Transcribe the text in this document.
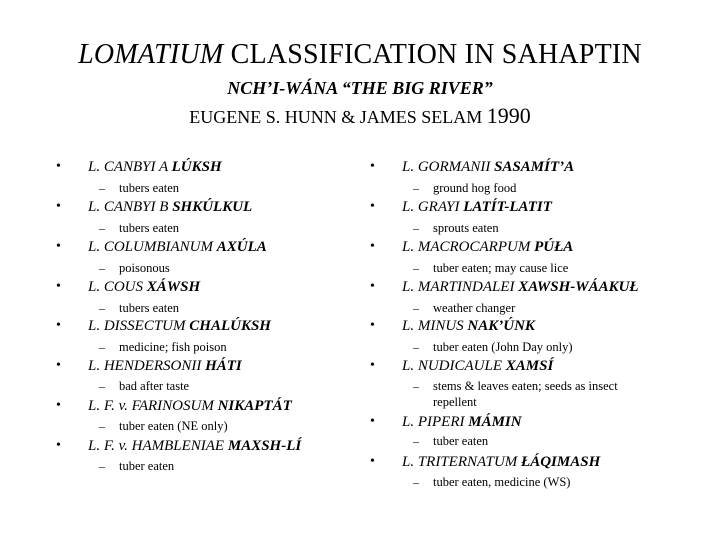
LOMATIUM CLASSIFICATION IN SAHAPTIN
NCH’I-WÁNA “THE BIG RIVER”
EUGENE S. HUNN & JAMES SELAM 1990
• L. CANBYI A LÚKSH
– tubers eaten
• L. CANBYI B SHKÚLKUL
– tubers eaten
• L. COLUMBIANUM AXÚLA
– poisonous
• L. COUS XÁWSH
– tubers eaten
• L. DISSECTUM CHALÚKSH
– medicine; fish poison
• L. HENDERSONII HÁTI
– bad after taste
• L. F. v. FARINOSUM NIKAPTÁT
– tuber eaten (NE only)
• L. F. v. HAMBLENIAE MAXSH-LÍ
– tuber eaten
• L. GORMANII SASAMÍT’A
– ground hog food
• L. GRAYI LATÍT-LATIT
– sprouts eaten
• L. MACROCARPUM PÚŁA
– tuber eaten; may cause lice
• L. MARTINDALEI XAWSH-WÁAKUŁ
– weather changer
• L. MINUS NAK’ÚNK
– tuber eaten (John Day only)
• L. NUDICAULE XAMSÍ
– stems & leaves eaten; seeds as insect
repellent
• L. PIPERI MÁMIN
– tuber eaten
• L. TRITERNATUM ŁÁQIMASH
– tuber eaten, medicine (WS)
